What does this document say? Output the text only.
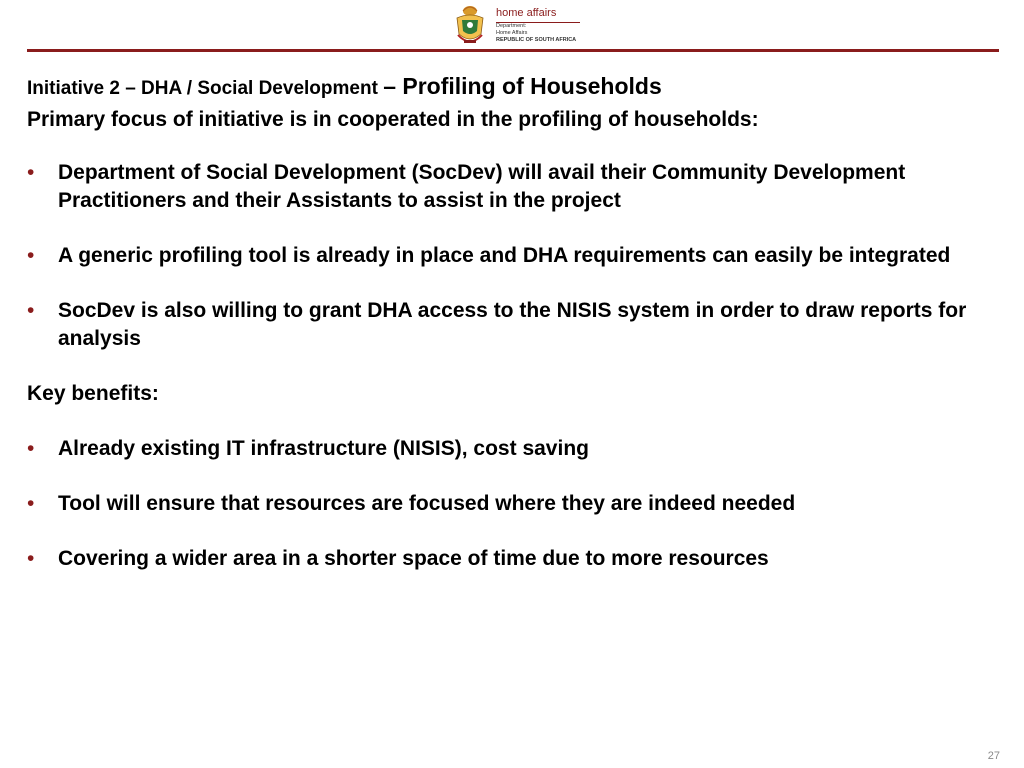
home affairs
Department:
Home Affairs
REPUBLIC OF SOUTH AFRICA

Initiative 2 – DHA / Social Development – Profiling of Households

Primary focus of initiative is in cooperated in the profiling of households:

• Department of Social Development (SocDev) will avail their Community Development Practitioners and their Assistants to assist in the project
• A generic profiling tool is already in place and DHA requirements can easily be integrated
• SocDev is also willing to grant DHA access to the NISIS system in order to draw reports for analysis

Key benefits:

• Already existing IT infrastructure (NISIS), cost saving
• Tool will ensure that resources are focused where they are indeed needed
• Covering a wider area in a shorter space of time due to more resources
27
